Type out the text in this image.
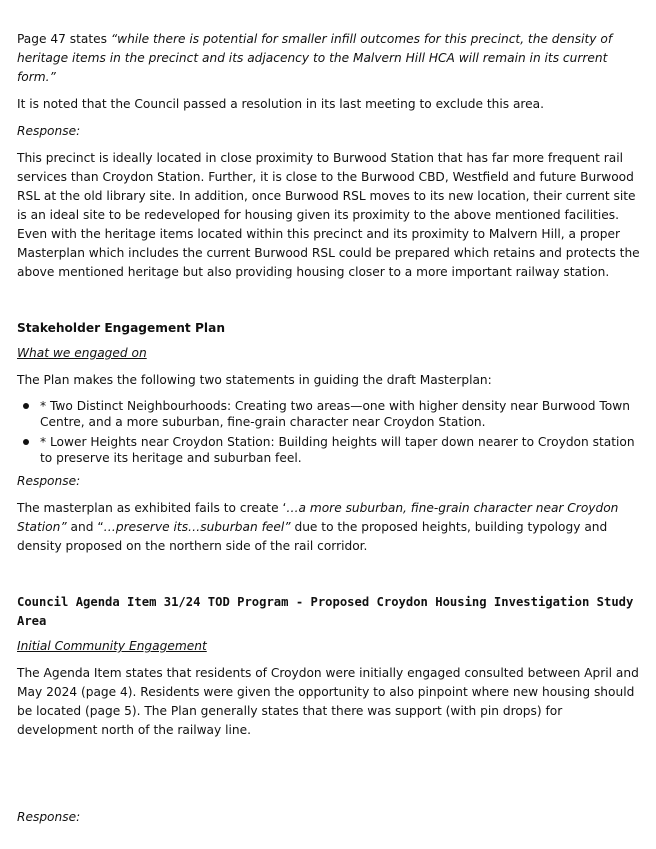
Page 47 states “while there is potential for smaller infill outcomes for this precinct, the density of heritage items in the precinct and its adjacency to the Malvern Hill HCA will remain in its current form.”

It is noted that the Council passed a resolution in its last meeting to exclude this area.

Response:

This precinct is ideally located in close proximity to Burwood Station that has far more frequent rail services than Croydon Station. Further, it is close to the Burwood CBD, Westfield and future Burwood RSL at the old library site. In addition, once Burwood RSL moves to its new location, their current site is an ideal site to be redeveloped for housing given its proximity to the above mentioned facilities. Even with the heritage items located within this precinct and its proximity to Malvern Hill, a proper Masterplan which includes the current Burwood RSL could be prepared which retains and protects the above mentioned heritage but also providing housing closer to a more important railway station.

Stakeholder Engagement Plan

What we engaged on

The Plan makes the following two statements in guiding the draft Masterplan:

* Two Distinct Neighbourhoods: Creating two areas—one with higher density near Burwood Town Centre, and a more suburban, fine-grain character near Croydon Station.
* Lower Heights near Croydon Station: Building heights will taper down nearer to Croydon station to preserve its heritage and suburban feel.

Response:

The masterplan as exhibited fails to create ‘…a more suburban, fine-grain character near Croydon Station” and “…preserve its…suburban feel” due to the proposed heights, building typology and density proposed on the northern side of the rail corridor.

Council Agenda Item 31/24 TOD Program - Proposed Croydon Housing Investigation Study Area

Initial Community Engagement

The Agenda Item states that residents of Croydon were initially engaged consulted between April and May 2024 (page 4). Residents were given the opportunity to also pinpoint where new housing should be located (page 5). The Plan generally states that there was support (with pin drops) for development north of the railway line.

Response:
